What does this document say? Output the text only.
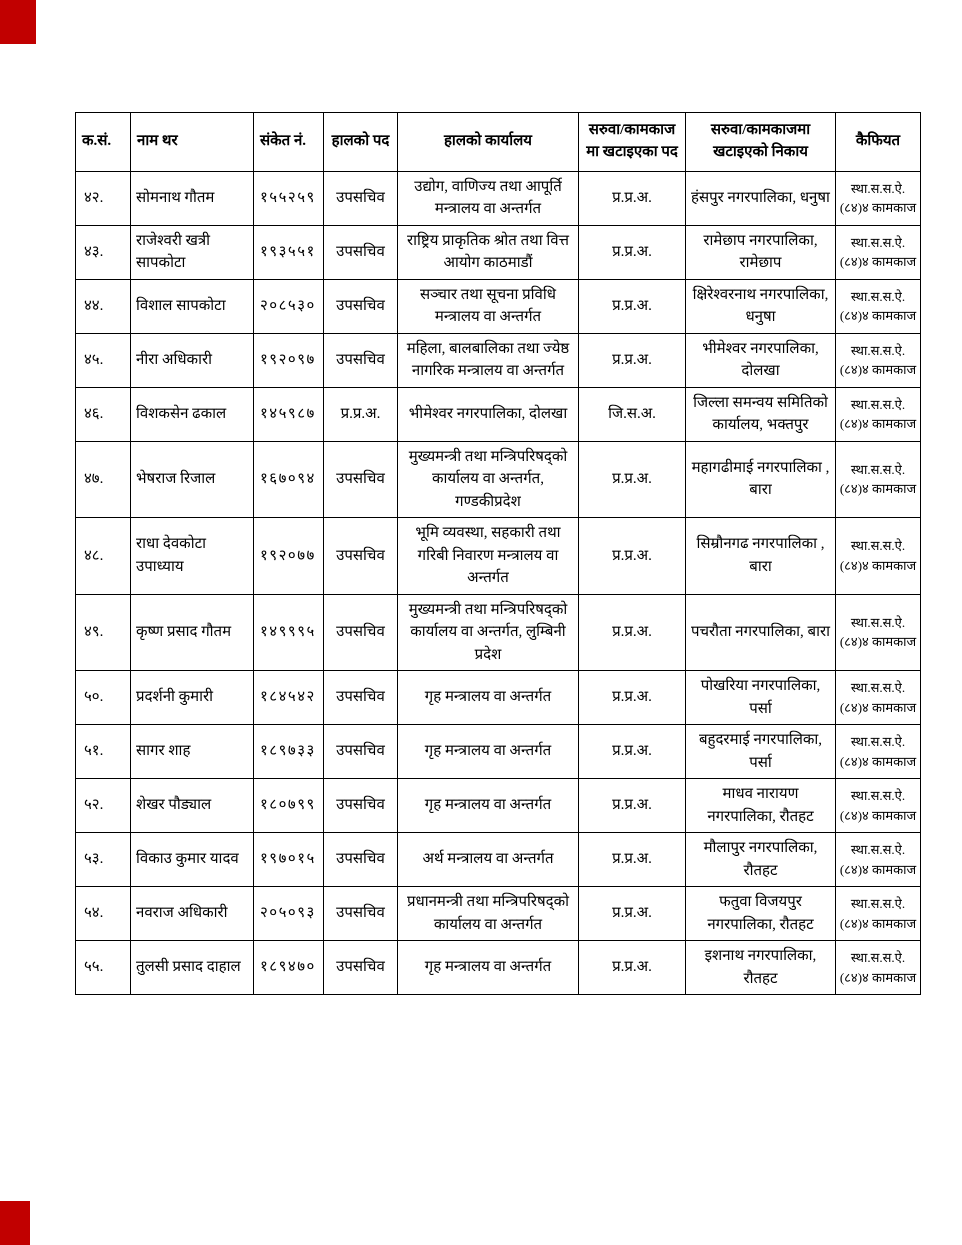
क.सं.	नाम थर	संकेत नं.	हालको पद	हालको कार्यालय	सरुवा/कामकाज मा खटाइएका पद	सरुवा/कामकाजमा खटाइएको निकाय	कैफियत
४२.	सोमनाथ गौतम	१५५२५९	उपसचिव	उद्योग, वाणिज्य तथा आपूर्ति मन्त्रालय वा अन्तर्गत	प्र.प्र.अ.	हंसपुर नगरपालिका, धनुषा	स्था.स.स.ऐ. (८४)४ कामकाज
४३.	राजेश्वरी खत्री सापकोटा	१९३५५१	उपसचिव	राष्ट्रिय प्राकृतिक श्रोत तथा वित्त आयोग काठमाडौं	प्र.प्र.अ.	रामेछाप नगरपालिका, रामेछाप	स्था.स.स.ऐ. (८४)४ कामकाज
४४.	विशाल सापकोटा	२०८५३०	उपसचिव	सञ्चार तथा सूचना प्रविधि मन्त्रालय वा अन्तर्गत	प्र.प्र.अ.	क्षिरेश्वरनाथ नगरपालिका, धनुषा	स्था.स.स.ऐ. (८४)४ कामकाज
४५.	नीरा अधिकारी	१९२०९७	उपसचिव	महिला, बालबालिका तथा ज्येष्ठ नागरिक मन्त्रालय वा अन्तर्गत	प्र.प्र.अ.	भीमेश्वर नगरपालिका, दोलखा	स्था.स.स.ऐ. (८४)४ कामकाज
४६.	विशकसेन ढकाल	१४५९८७	प्र.प्र.अ.	भीमेश्वर नगरपालिका, दोलखा	जि.स.अ.	जिल्ला समन्वय समितिको कार्यालय, भक्तपुर	स्था.स.स.ऐ. (८४)४ कामकाज
४७.	भेषराज रिजाल	१६७०९४	उपसचिव	मुख्यमन्त्री तथा मन्त्रिपरिषद्को कार्यालय वा अन्तर्गत, गण्डकीप्रदेश	प्र.प्र.अ.	महागढीमाई नगरपालिका , बारा	स्था.स.स.ऐ. (८४)४ कामकाज
४८.	राधा देवकोटा उपाध्याय	१९२०७७	उपसचिव	भूमि व्यवस्था, सहकारी तथा गरिबी निवारण मन्त्रालय वा अन्तर्गत	प्र.प्र.अ.	सिम्रौनगढ नगरपालिका , बारा	स्था.स.स.ऐ. (८४)४ कामकाज
४९.	कृष्ण प्रसाद गौतम	१४९९९५	उपसचिव	मुख्यमन्त्री तथा मन्त्रिपरिषद्को कार्यालय वा अन्तर्गत, लुम्बिनी प्रदेश	प्र.प्र.अ.	पचरौता नगरपालिका, बारा	स्था.स.स.ऐ. (८४)४ कामकाज
५०.	प्रदर्शनी कुमारी	१८४५४२	उपसचिव	गृह मन्त्रालय वा अन्तर्गत	प्र.प्र.अ.	पोखरिया नगरपालिका, पर्सा	स्था.स.स.ऐ. (८४)४ कामकाज
५१.	सागर शाह	१८९७३३	उपसचिव	गृह मन्त्रालय वा अन्तर्गत	प्र.प्र.अ.	बहुदरमाई नगरपालिका, पर्सा	स्था.स.स.ऐ. (८४)४ कामकाज
५२.	शेखर पौड्याल	१८०७९९	उपसचिव	गृह मन्त्रालय वा अन्तर्गत	प्र.प्र.अ.	माधव नारायण नगरपालिका, रौतहट	स्था.स.स.ऐ. (८४)४ कामकाज
५३.	विकाउ कुमार यादव	१९७०१५	उपसचिव	अर्थ मन्त्रालय वा अन्तर्गत	प्र.प्र.अ.	मौलापुर नगरपालिका, रौतहट	स्था.स.स.ऐ. (८४)४ कामकाज
५४.	नवराज अधिकारी	२०५०९३	उपसचिव	प्रधानमन्त्री तथा मन्त्रिपरिषद्को कार्यालय वा अन्तर्गत	प्र.प्र.अ.	फतुवा विजयपुर नगरपालिका, रौतहट	स्था.स.स.ऐ. (८४)४ कामकाज
५५.	तुलसी प्रसाद दाहाल	१८९४७०	उपसचिव	गृह मन्त्रालय वा अन्तर्गत	प्र.प्र.अ.	इशनाथ नगरपालिका, रौतहट	स्था.स.स.ऐ. (८४)४ कामकाज
